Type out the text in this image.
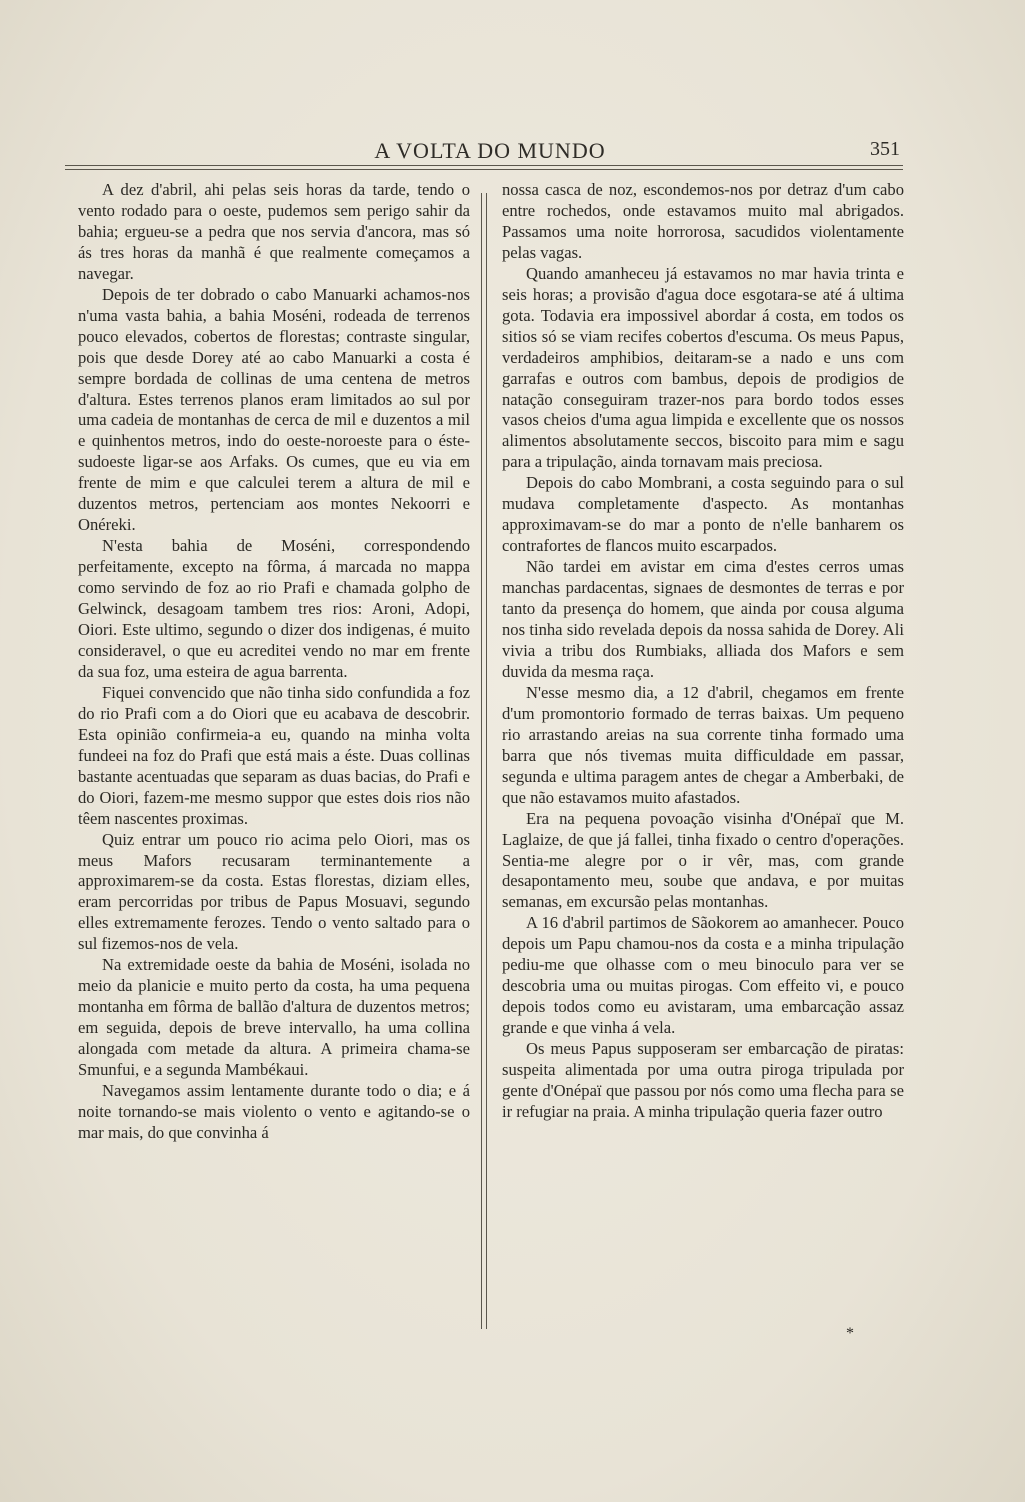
A VOLTA DO MUNDO	351

A dez d'abril, ahi pelas seis horas da tarde, tendo o vento rodado para o oeste, pudemos sem perigo sahir da bahia; ergueu-se a pedra que nos servia d'ancora, mas só ás tres horas da manhã é que realmente começamos a navegar.

Depois de ter dobrado o cabo Manuarki achamos-nos n'uma vasta bahia, a bahia Moséni, rodeada de terrenos pouco elevados, cobertos de florestas; contraste singular, pois que desde Dorey até ao cabo Manuarki a costa é sempre bordada de collinas de uma centena de metros d'altura. Estes terrenos planos eram limitados ao sul por uma cadeia de montanhas de cerca de mil e duzentos a mil e quinhentos metros, indo do oeste-noroeste para o éste-sudoeste ligar-se aos Arfaks. Os cumes, que eu via em frente de mim e que calculei terem a altura de mil e duzentos metros, pertenciam aos montes Nekoorri e Onéreki.

N'esta bahia de Moséni, correspondendo perfeitamente, excepto na fôrma, á marcada no mappa como servindo de foz ao rio Prafi e chamada golpho de Gelwinck, desagoam tambem tres rios: Aroni, Adopi, Oiori. Este ultimo, segundo o dizer dos indigenas, é muito consideravel, o que eu acreditei vendo no mar em frente da sua foz, uma esteira de agua barrenta.

Fiquei convencido que não tinha sido confundida a foz do rio Prafi com a do Oiori que eu acabava de descobrir. Esta opinião confirmeia-a eu, quando na minha volta fundeei na foz do Prafi que está mais a éste. Duas collinas bastante acentuadas que separam as duas bacias, do Prafi e do Oiori, fazem-me mesmo suppor que estes dois rios não têem nascentes proximas.

Quiz entrar um pouco rio acima pelo Oiori, mas os meus Mafors recusaram terminantemente a approximarem-se da costa. Estas florestas, diziam elles, eram percorridas por tribus de Papus Mosuavi, segundo elles extremamente ferozes. Tendo o vento saltado para o sul fizemos-nos de vela.

Na extremidade oeste da bahia de Moséni, isolada no meio da planicie e muito perto da costa, ha uma pequena montanha em fôrma de ballão d'altura de duzentos metros; em seguida, depois de breve intervallo, ha uma collina alongada com metade da altura. A primeira chama-se Smunfui, e a segunda Mambékaui.

Navegamos assim lentamente durante todo o dia; e á noite tornando-se mais violento o vento e agitando-se o mar mais, do que convinha á

nossa casca de noz, escondemos-nos por detraz d'um cabo entre rochedos, onde estavamos muito mal abrigados. Passamos uma noite horrorosa, sacudidos violentamente pelas vagas.

Quando amanheceu já estavamos no mar havia trinta e seis horas; a provisão d'agua doce esgotara-se até á ultima gota. Todavia era impossivel abordar á costa, em todos os sitios só se viam recifes cobertos d'escuma. Os meus Papus, verdadeiros amphibios, deitaram-se a nado e uns com garrafas e outros com bambus, depois de prodigios de natação conseguiram trazer-nos para bordo todos esses vasos cheios d'uma agua limpida e excellente que os nossos alimentos absolutamente seccos, biscoito para mim e sagu para a tripulação, ainda tornavam mais preciosa.

Depois do cabo Mombrani, a costa seguindo para o sul mudava completamente d'aspecto. As montanhas approximavam-se do mar a ponto de n'elle banharem os contrafortes de flancos muito escarpados.

Não tardei em avistar em cima d'estes cerros umas manchas pardacentas, signaes de desmontes de terras e por tanto da presença do homem, que ainda por cousa alguma nos tinha sido revelada depois da nossa sahida de Dorey. Ali vivia a tribu dos Rumbiaks, alliada dos Mafors e sem duvida da mesma raça.

N'esse mesmo dia, a 12 d'abril, chegamos em frente d'um promontorio formado de terras baixas. Um pequeno rio arrastando areias na sua corrente tinha formado uma barra que nós tivemas muita difficuldade em passar, segunda e ultima paragem antes de chegar a Amberbaki, de que não estavamos muito afastados.

Era na pequena povoação visinha d'Onépaï que M. Laglaize, de que já fallei, tinha fixado o centro d'operações. Sentia-me alegre por o ir vêr, mas, com grande desapontamento meu, soube que andava, e por muitas semanas, em excursão pelas montanhas.

A 16 d'abril partimos de Sãokorem ao amanhecer. Pouco depois um Papu chamou-nos da costa e a minha tripulação pediu-me que olhasse com o meu binoculo para ver se descobria uma ou muitas pirogas. Com effeito vi, e pouco depois todos como eu avistaram, uma embarcação assaz grande e que vinha á vela.

Os meus Papus supposeram ser embarcação de piratas: suspeita alimentada por uma outra piroga tripulada por gente d'Onépaï que passou por nós como uma flecha para se ir refugiar na praia. A minha tripulação queria fazer outro

*
